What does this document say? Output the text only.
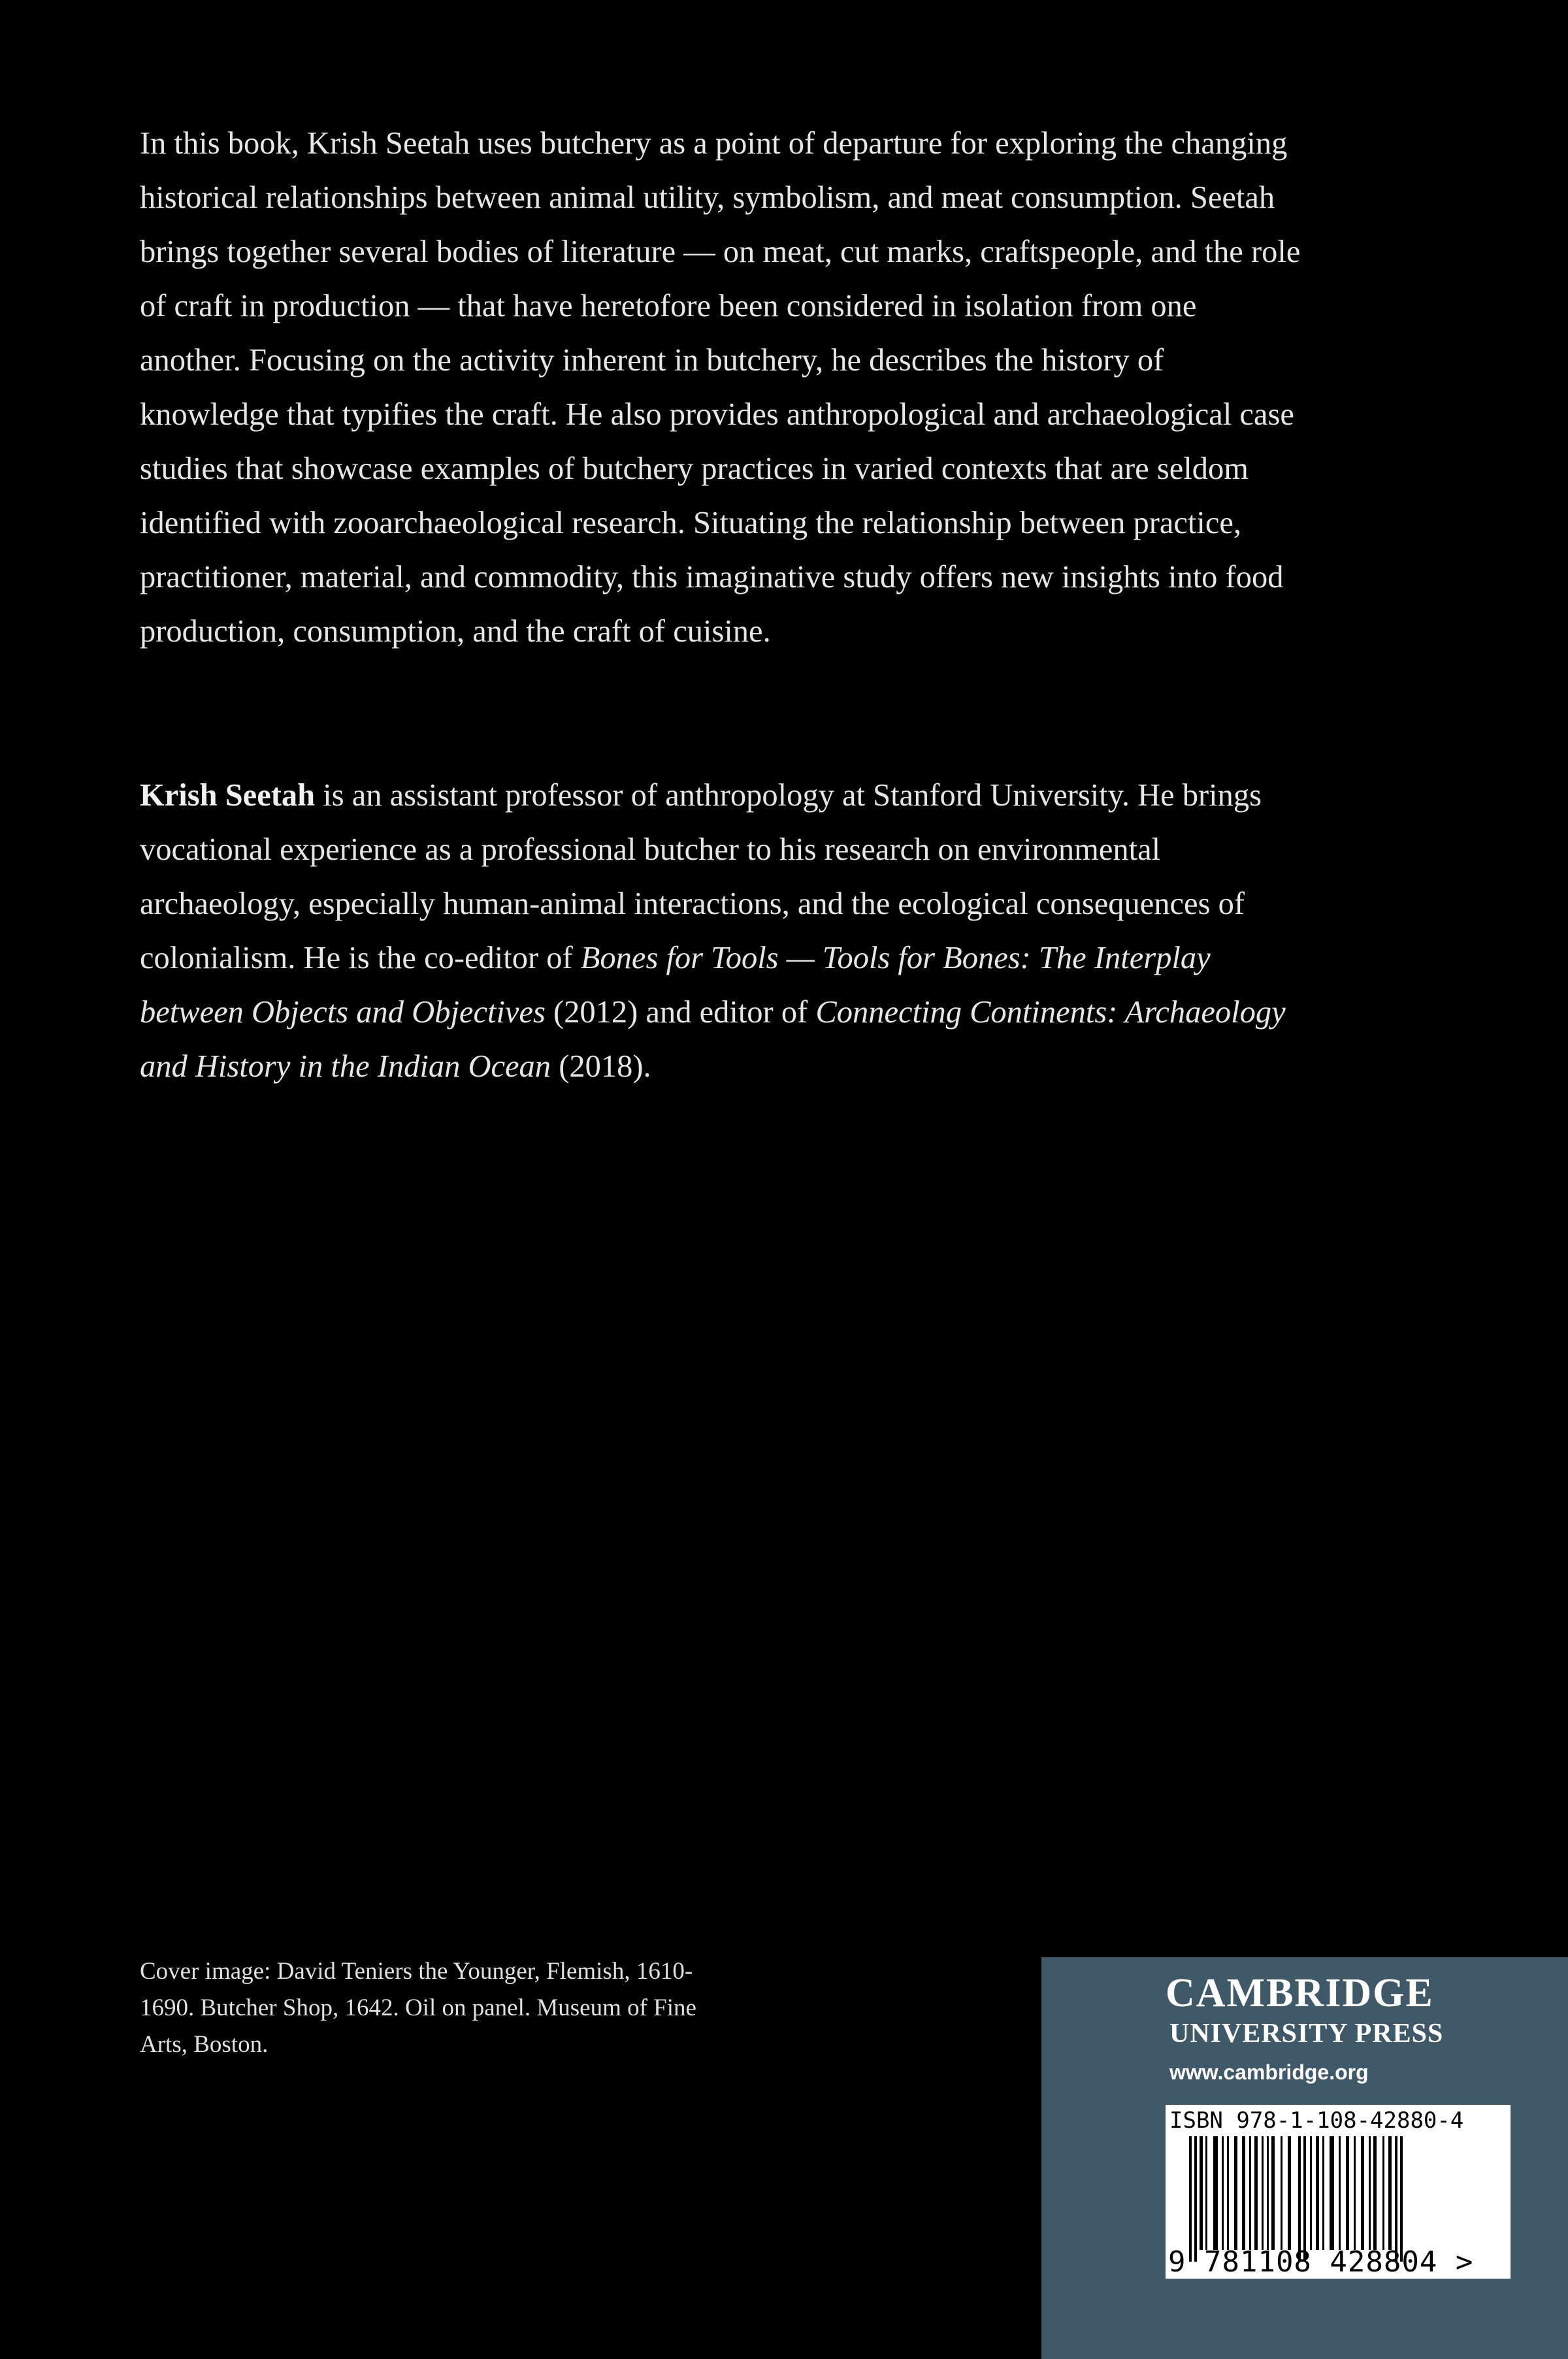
In this book, Krish Seetah uses butchery as a point of departure for exploring the changing historical relationships between animal utility, symbolism, and meat consumption. Seetah brings together several bodies of literature — on meat, cut marks, craftspeople, and the role of craft in production — that have heretofore been considered in isolation from one another. Focusing on the activity inherent in butchery, he describes the history of knowledge that typifies the craft. He also provides anthropological and archaeological case studies that showcase examples of butchery practices in varied contexts that are seldom identified with zooarchaeological research. Situating the relationship between practice, practitioner, material, and commodity, this imaginative study offers new insights into food production, consumption, and the craft of cuisine.

Krish Seetah is an assistant professor of anthropology at Stanford University. He brings vocational experience as a professional butcher to his research on environmental archaeology, especially human-animal interactions, and the ecological consequences of colonialism. He is the co-editor of Bones for Tools — Tools for Bones: The Interplay between Objects and Objectives (2012) and editor of Connecting Continents: Archaeology and History in the Indian Ocean (2018).

Cover image: David Teniers the Younger, Flemish, 1610-1690. Butcher Shop, 1642. Oil on panel. Museum of Fine Arts, Boston.

CAMBRIDGE
UNIVERSITY PRESS
www.cambridge.org
ISBN 978-1-108-42880-4
9 781108 428804 >
